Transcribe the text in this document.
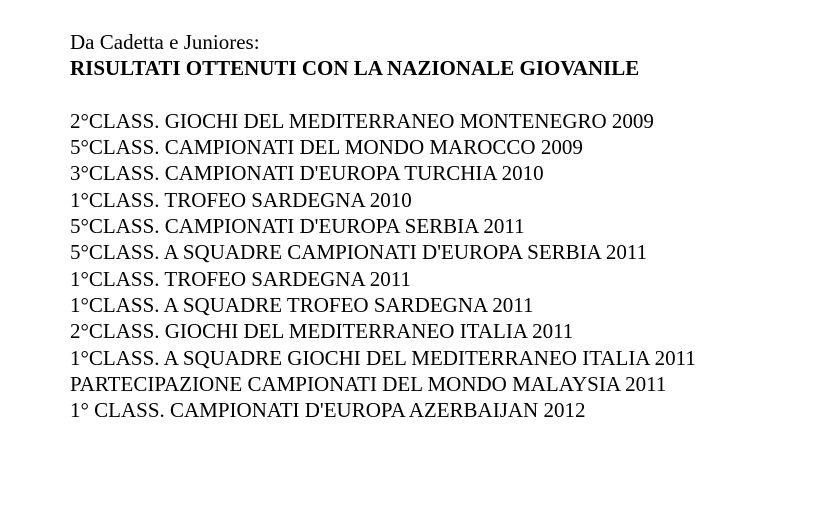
Da Cadetta e Juniores:

RISULTATI OTTENUTI CON LA NAZIONALE GIOVANILE

2°CLASS. GIOCHI DEL MEDITERRANEO MONTENEGRO 2009
5°CLASS. CAMPIONATI DEL MONDO MAROCCO 2009
3°CLASS. CAMPIONATI D'EUROPA TURCHIA 2010
1°CLASS. TROFEO SARDEGNA 2010
5°CLASS. CAMPIONATI D'EUROPA SERBIA 2011
5°CLASS. A SQUADRE CAMPIONATI D'EUROPA SERBIA 2011
1°CLASS. TROFEO SARDEGNA 2011
1°CLASS. A SQUADRE TROFEO SARDEGNA 2011
2°CLASS. GIOCHI DEL MEDITERRANEO ITALIA 2011
1°CLASS. A SQUADRE GIOCHI DEL MEDITERRANEO ITALIA 2011
PARTECIPAZIONE CAMPIONATI DEL MONDO MALAYSIA 2011
1° CLASS. CAMPIONATI D'EUROPA AZERBAIJAN 2012
